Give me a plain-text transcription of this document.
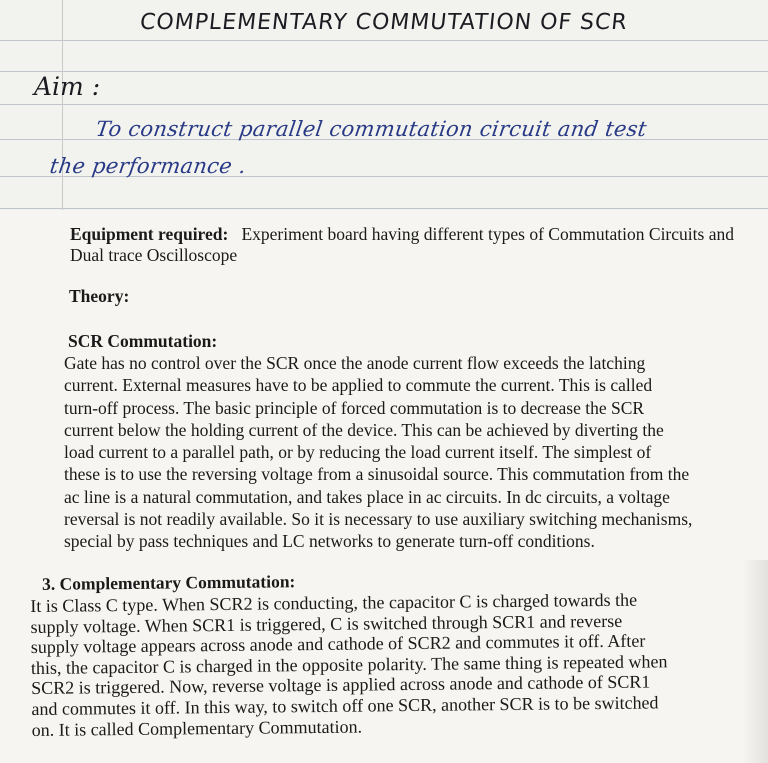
COMPLEMENTARY COMMUTATION OF SCR
Aim :
To construct parallel commutation circuit and test
the performance .
Equipment required: Experiment board having different types of Commutation Circuits and Dual trace Oscilloscope
Theory:
SCR Commutation:
Gate has no control over the SCR once the anode current flow exceeds the latching
current. External measures have to be applied to commute the current. This is called
turn-off process. The basic principle of forced commutation is to decrease the SCR
current below the holding current of the device. This can be achieved by diverting the
load current to a parallel path, or by reducing the load current itself. The simplest of
these is to use the reversing voltage from a sinusoidal source. This commutation from the
ac line is a natural commutation, and takes place in ac circuits. In dc circuits, a voltage
reversal is not readily available. So it is necessary to use auxiliary switching mechanisms,
special by pass techniques and LC networks to generate turn-off conditions.
3. Complementary Commutation:
It is Class C type. When SCR2 is conducting, the capacitor C is charged towards the
supply voltage. When SCR1 is triggered, C is switched through SCR1 and reverse
supply voltage appears across anode and cathode of SCR2 and commutes it off. After
this, the capacitor C is charged in the opposite polarity. The same thing is repeated when
SCR2 is triggered. Now, reverse voltage is applied across anode and cathode of SCR1
and commutes it off. In this way, to switch off one SCR, another SCR is to be switched
on. It is called Complementary Commutation.
